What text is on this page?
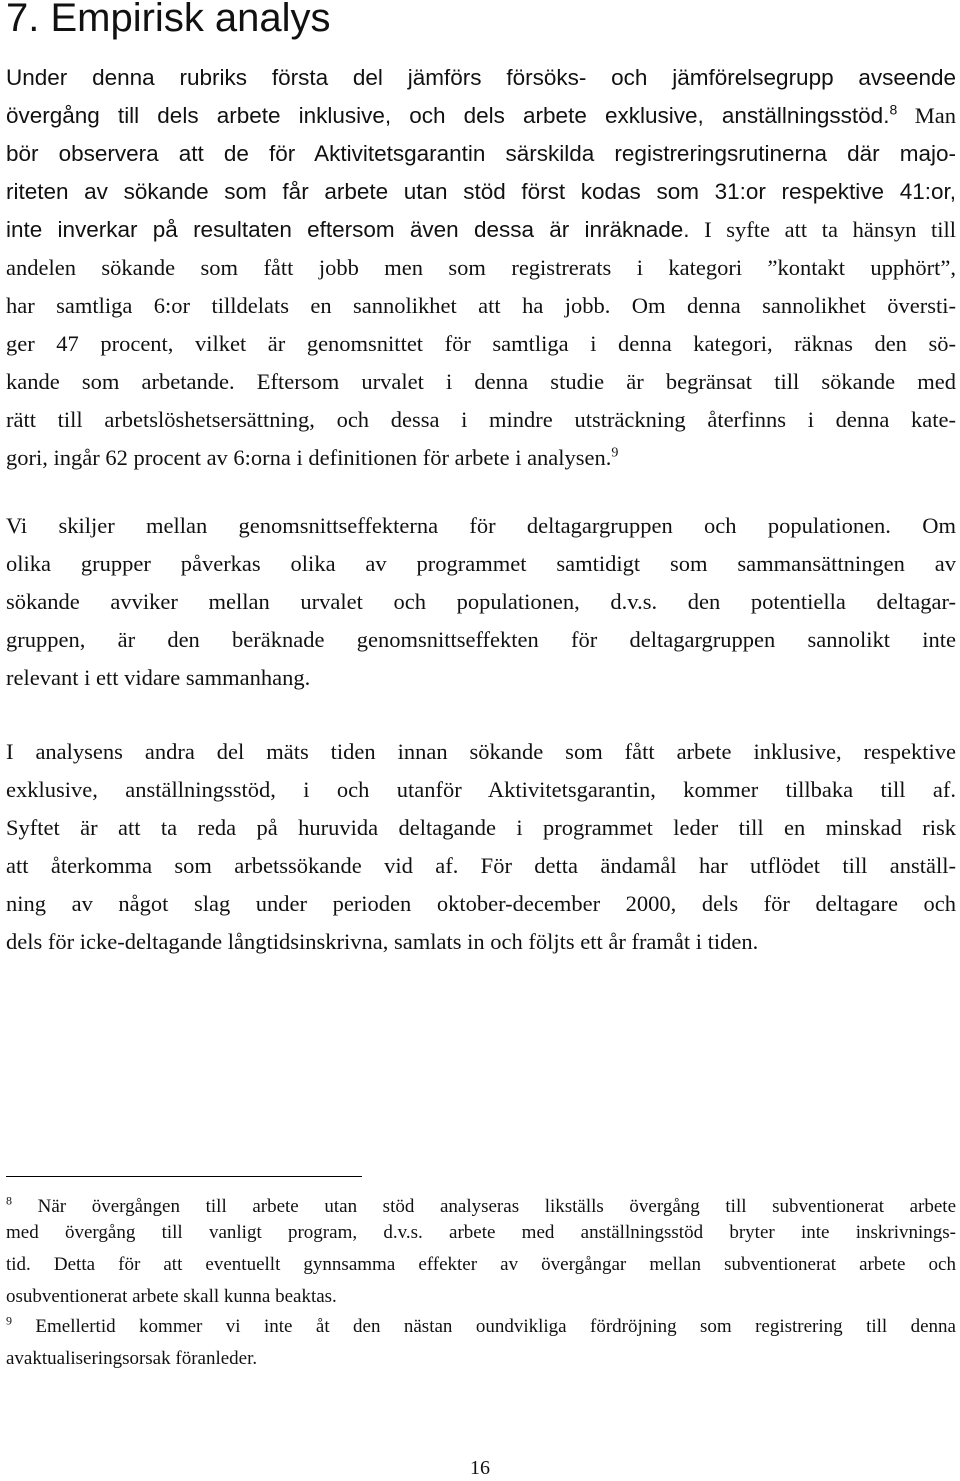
7. Empirisk analys

Under denna rubriks första del jämförs försöks- och jämförelsegrupp avseende

övergång till dels arbete inklusive, och dels arbete exklusive, anställningsstöd.$^8$ Man

bör observera att de för Aktivitetsgarantin särskilda registreringsrutinerna där majo-

riteten av sökande som får arbete utan stöd först kodas som 31:or respektive 41:or,

inte inverkar på resultaten eftersom även dessa är inräknade. I syfte att ta hänsyn till

andelen sökande som fått jobb men som registrerats i kategori ”kontakt upphört”,

har samtliga 6:or tilldelats en sannolikhet att ha jobb. Om denna sannolikhet översti-

ger 47 procent, vilket är genomsnittet för samtliga i denna kategori, räknas den sö-

kande som arbetande. Eftersom urvalet i denna studie är begränsat till sökande med

rätt till arbetslöshetsersättning, och dessa i mindre utsträckning återfinns i denna kate-

gori, ingår 62 procent av 6:orna i definitionen för arbete i analysen.$^9$

Vi skiljer mellan genomsnittseffekterna för deltagargruppen och populationen. Om

olika grupper påverkas olika av programmet samtidigt som sammansättningen av

sökande avviker mellan urvalet och populationen, d.v.s. den potentiella deltagar-

gruppen, är den beräknade genomsnittseffekten för deltagargruppen sannolikt inte

relevant i ett vidare sammanhang.

I analysens andra del mäts tiden innan sökande som fått arbete inklusive, respektive

exklusive, anställningsstöd, i och utanför Aktivitetsgarantin, kommer tillbaka till af.

Syftet är att ta reda på huruvida deltagande i programmet leder till en minskad risk

att återkomma som arbetssökande vid af. För detta ändamål har utflödet till anställ-

ning av något slag under perioden oktober-december 2000, dels för deltagare och

dels för icke-deltagande långtidsinskrivna, samlats in och följts ett år framåt i tiden.

$^8$ När övergången till arbete utan stöd analyseras likställs övergång till subventionerat arbete

med övergång till vanligt program, d.v.s. arbete med anställningsstöd bryter inte inskrivnings-

tid. Detta för att eventuellt gynnsamma effekter av övergångar mellan subventionerat arbete och

osubventionerat arbete skall kunna beaktas.

$^9$ Emellertid kommer vi inte åt den nästan oundvikliga fördröjning som registrering till denna

avaktualiseringsorsak föranleder.

16
